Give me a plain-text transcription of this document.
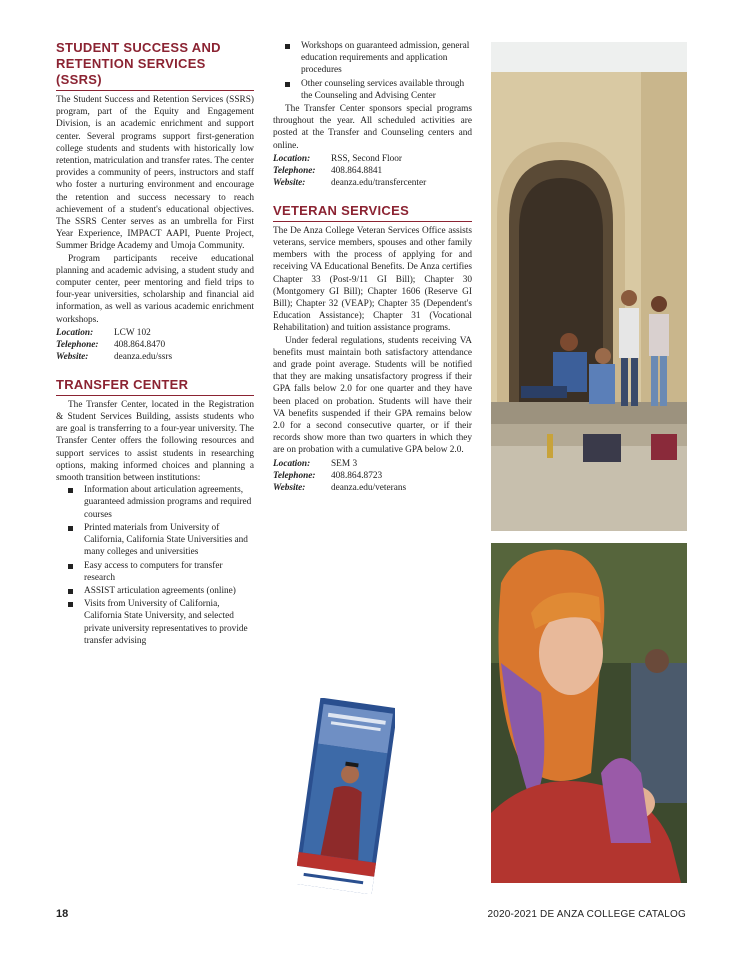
STUDENT SUCCESS AND RETENTION SERVICES (SSRS)

The Student Success and Retention Services (SSRS) program, part of the Equity and Engagement Division, is an academic enrichment and support center. Several programs support first-generation college students and students with historically low retention, matriculation and transfer rates. The center provides a community of peers, instructors and staff who foster a nurturing environment and encourage the retention and success necessary to reach achievement of a student's educational objectives. The SSRS Center serves as an umbrella for First Year Experience, IMPACT AAPI, Puente Project, Summer Bridge Academy and Umoja Community.

Program participants receive educational planning and academic advising, a student study and computer center, peer mentoring and field trips to four-year universities, scholarship and financial aid information, as well as various academic enrichment workshops.

Location:	LCW 102
Telephone:	408.864.8470
Website:	deanza.edu/ssrs
TRANSFER CENTER

The Transfer Center, located in the Registration & Student Services Building, assists students who are goal is transferring to a four-year university. The Transfer Center offers the following resources and support services to assist students in researching options, making informed choices and planning a smooth transition between institutions:

Information about articulation agreements, guaranteed admission programs and required courses
Printed materials from University of California, California State Universities and many colleges and universities
Easy access to computers for transfer research
ASSIST articulation agreements (online)
Visits from University of California, California State University, and selected private university representatives to provide transfer advising
Workshops on guaranteed admission, general education requirements and application procedures
Other counseling services available through the Counseling and Advising Center

The Transfer Center sponsors special programs throughout the year. All scheduled activities are posted at the Transfer and Counseling centers and online.

Location:	RSS, Second Floor
Telephone:	408.864.8841
Website:	deanza.edu/transfercenter
VETERAN SERVICES

The De Anza College Veteran Services Office assists veterans, service members, spouses and other family members with the process of applying for and receiving VA Educational Benefits. De Anza certifies Chapter 33 (Post-9/11 GI Bill); Chapter 30 (Montgomery GI Bill); Chapter 1606 (Reserve GI Bill); Chapter 32 (VEAP); Chapter 35 (Dependent's Education Assistance); Chapter 31 (Vocational Rehabilitation) and tuition assistance programs.

Under federal regulations, students receiving VA benefits must maintain both satisfactory attendance and grade point average. Students will be notified that they are making unsatisfactory progress if their GPA falls below 2.0 for one quarter and they have been placed on probation. Students will have their VA benefits suspended if their GPA remains below 2.0 for a second consecutive quarter, or if their records show more than two quarters in which they are on probation with a cumulative GPA below 2.0.

Location:	SEM 3
Telephone:	408.864.8723
Website:	deanza.edu/veterans
18	2020-2021 DE ANZA COLLEGE CATALOG
